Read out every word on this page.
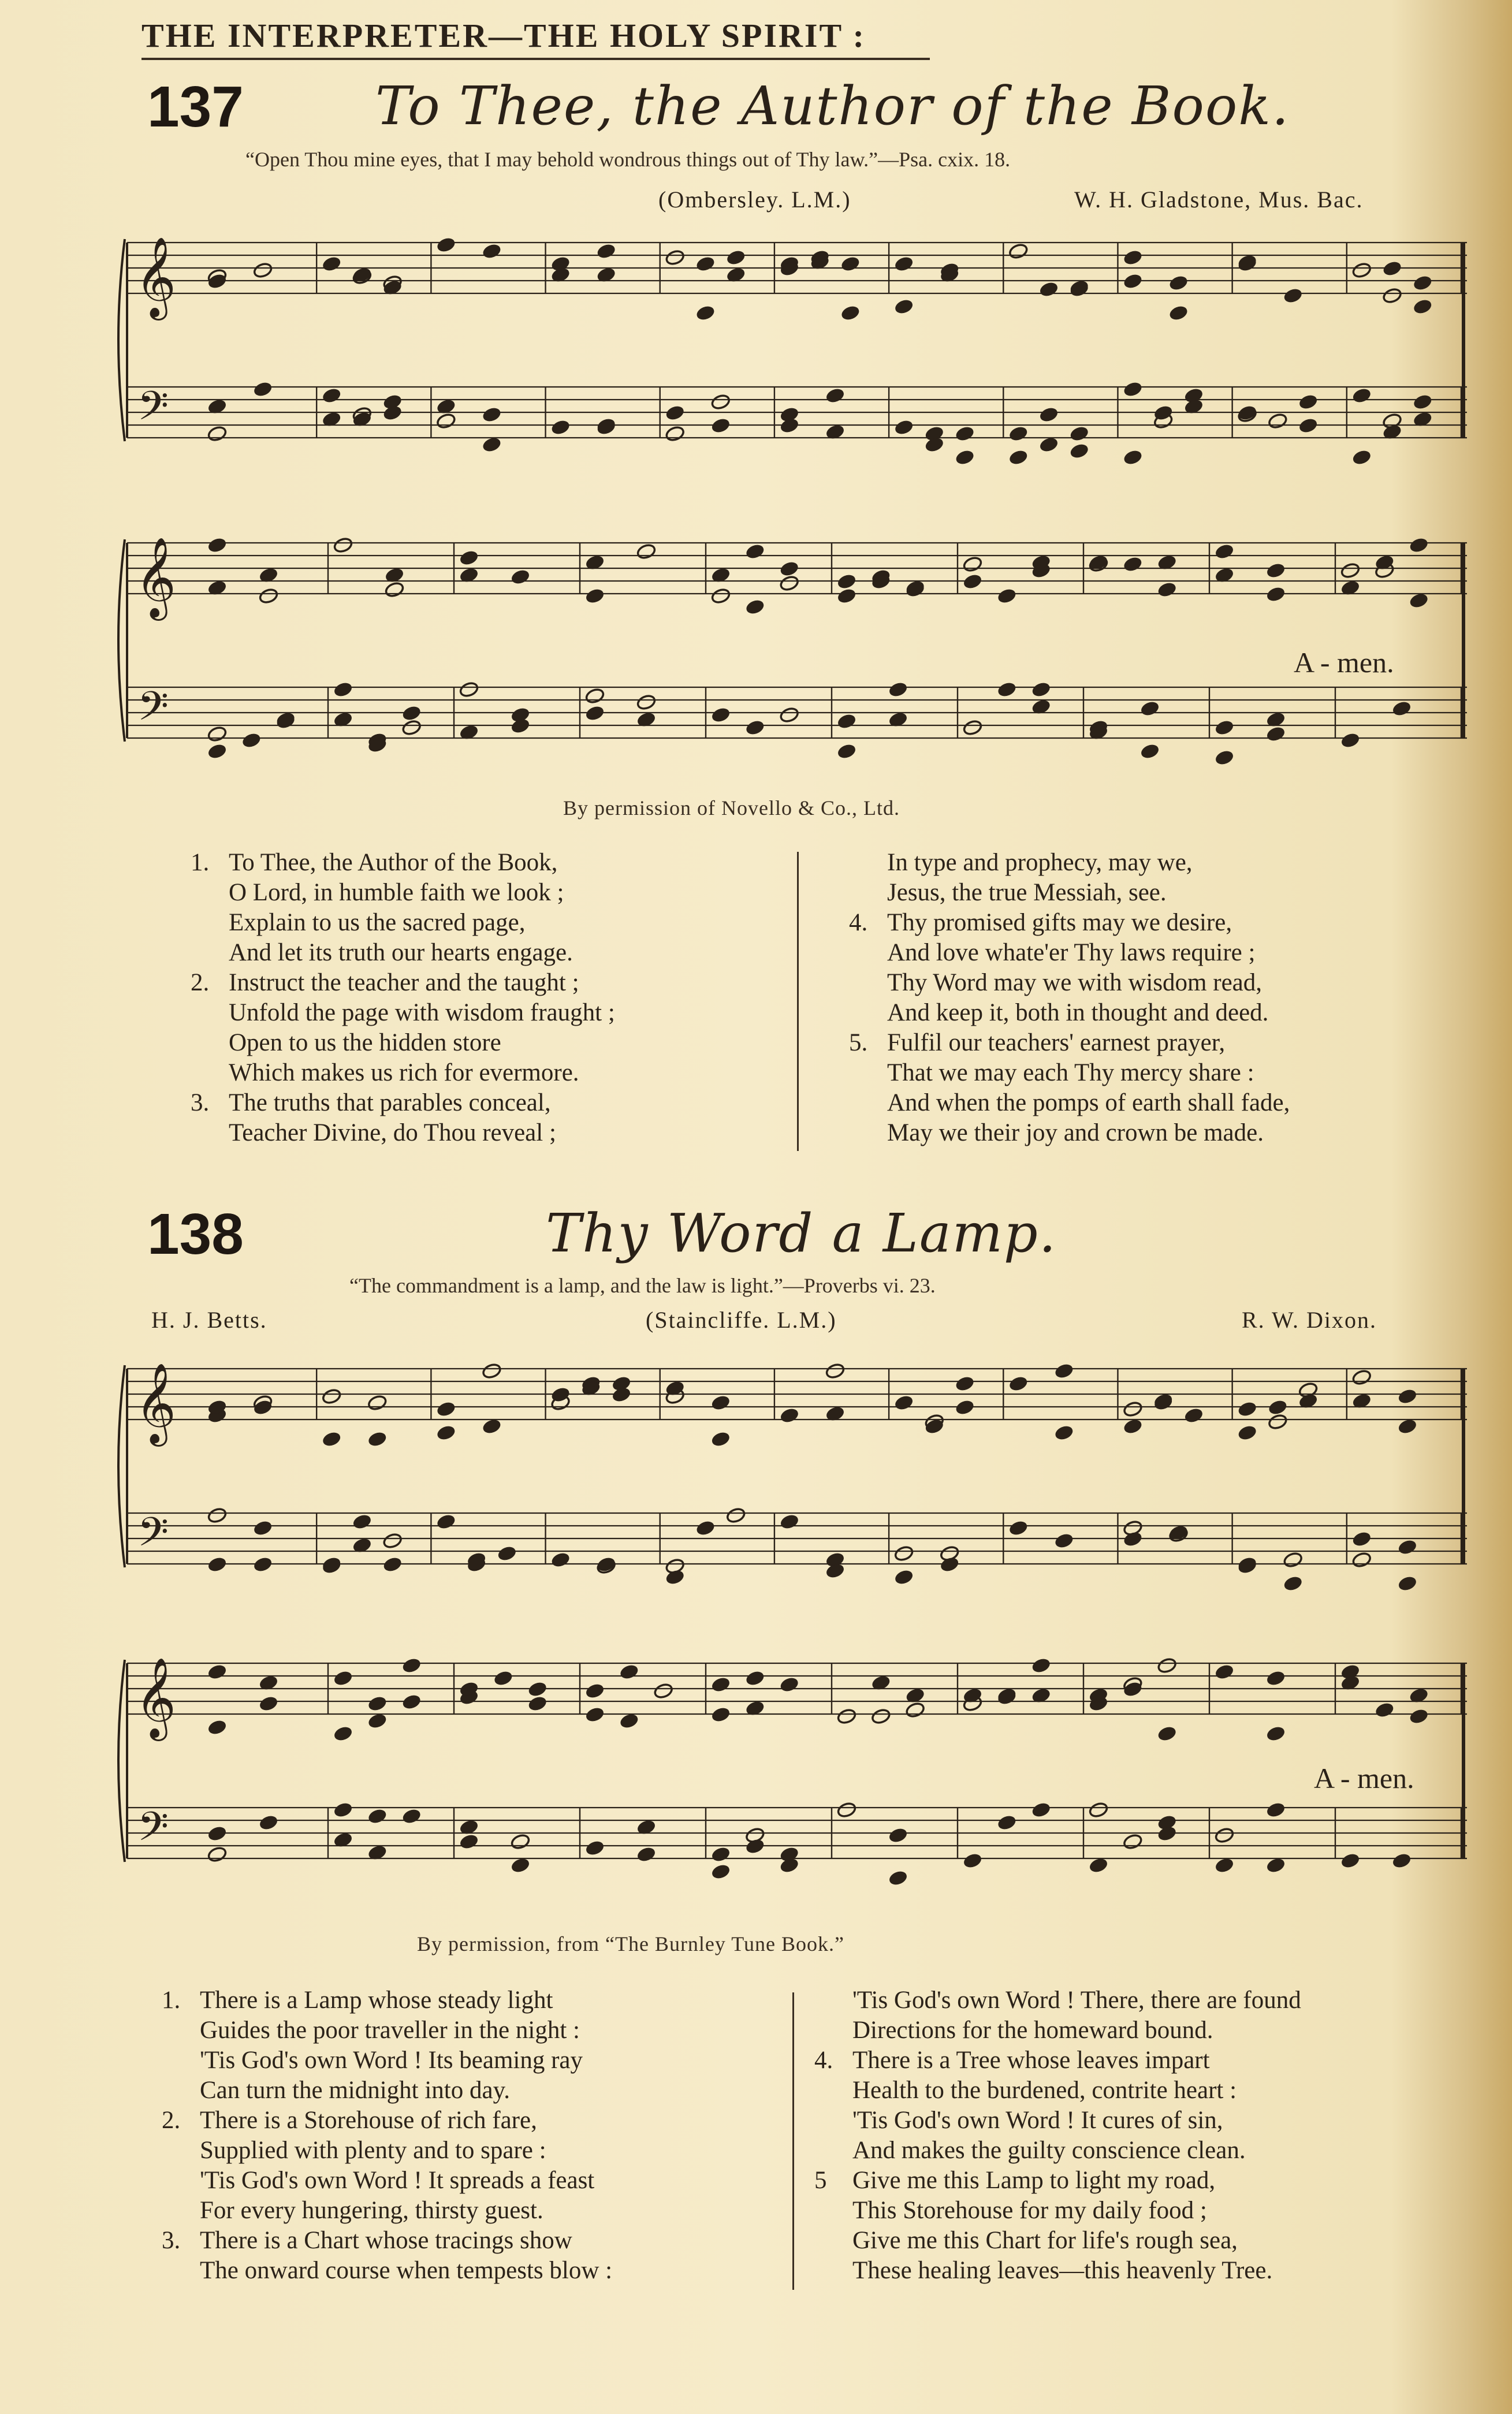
THE INTERPRETER—THE HOLY SPIRIT :
137 To Thee, the Author of the Book.
“Open Thou mine eyes, that I may behold wondrous things out of Thy law.”—Psa. cxix. 18.
(Ombersley. L.M.)	W. H. Gladstone, Mus. Bac.
𝄞
𝄢
𝄞
𝄢
A - men.
By permission of Novello & Co., Ltd.
1. To Thee, the Author of the Book,
O Lord, in humble faith we look ;
Explain to us the sacred page,
And let its truth our hearts engage.
2. Instruct the teacher and the taught ;
Unfold the page with wisdom fraught ;
Open to us the hidden store
Which makes us rich for evermore.
3. The truths that parables conceal,
Teacher Divine, do Thou reveal ;
In type and prophecy, may we,
Jesus, the true Messiah, see.
4. Thy promised gifts may we desire,
And love whate'er Thy laws require ;
Thy Word may we with wisdom read,
And keep it, both in thought and deed.
5. Fulfil our teachers' earnest prayer,
That we may each Thy mercy share :
And when the pomps of earth shall fade,
May we their joy and crown be made.
138	Thy Word a Lamp.
“The commandment is a lamp, and the law is light.”—Proverbs vi. 23.
H. J. Betts.	(Staincliffe. L.M.)	R. W. Dixon.
𝄞
𝄢
𝄞
𝄢
A - men.
By permission, from “The Burnley Tune Book.”
1. There is a Lamp whose steady light
Guides the poor traveller in the night :
'Tis God's own Word ! Its beaming ray
Can turn the midnight into day.
2. There is a Storehouse of rich fare,
Supplied with plenty and to spare :
'Tis God's own Word ! It spreads a feast
For every hungering, thirsty guest.
3. There is a Chart whose tracings show
The onward course when tempests blow :
'Tis God's own Word ! There, there are found
Directions for the homeward bound.
4. There is a Tree whose leaves impart
Health to the burdened, contrite heart :
'Tis God's own Word ! It cures of sin,
And makes the guilty conscience clean.
5 Give me this Lamp to light my road,
This Storehouse for my daily food ;
Give me this Chart for life's rough sea,
These healing leaves—this heavenly Tree.
